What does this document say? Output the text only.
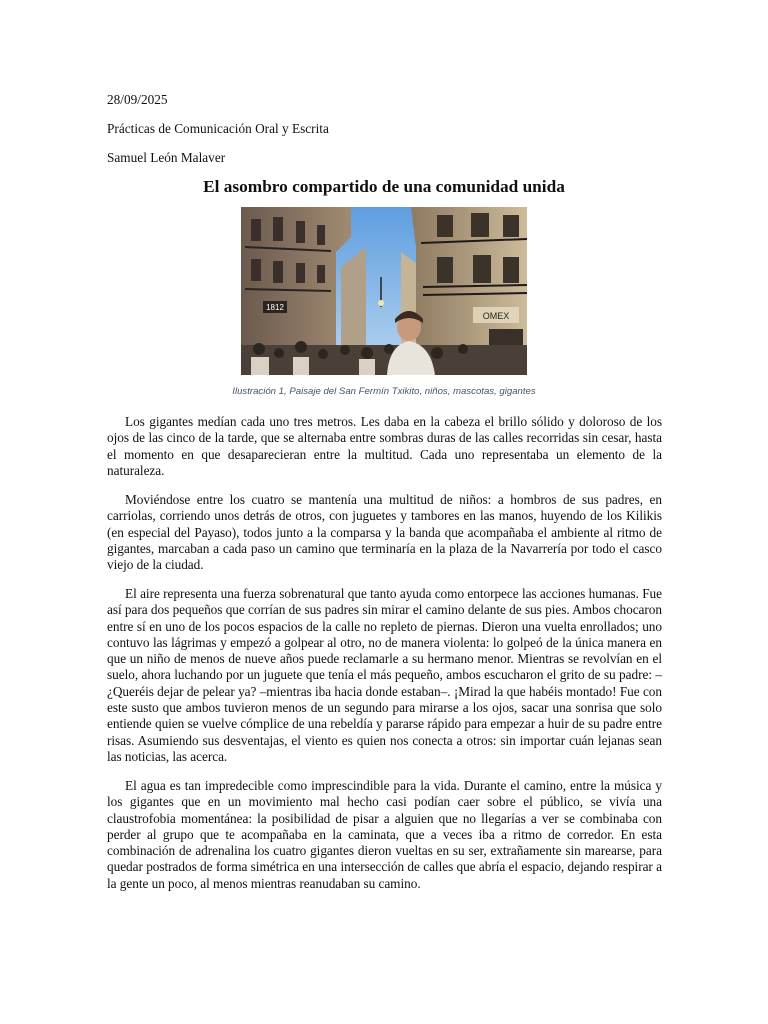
28/09/2025

Prácticas de Comunicación Oral y Escrita

Samuel León Malaver

El asombro compartido de una comunidad unida
1812
OMEX

Ilustración 1, Paisaje del San Fermín Txikito, niños, mascotas, gigantes

Los gigantes medían cada uno tres metros. Les daba en la cabeza el brillo sólido y doloroso de los ojos de las cinco de la tarde, que se alternaba entre sombras duras de las calles recorridas sin cesar, hasta el momento en que desaparecieran entre la multitud. Cada uno representaba un elemento de la naturaleza.

Moviéndose entre los cuatro se mantenía una multitud de niños: a hombros de sus padres, en carriolas, corriendo unos detrás de otros, con juguetes y tambores en las manos, huyendo de los Kilikis (en especial del Payaso), todos junto a la comparsa y la banda que acompañaba el ambiente al ritmo de gigantes, marcaban a cada paso un camino que terminaría en la plaza de la Navarrería por todo el casco viejo de la ciudad.

El aire representa una fuerza sobrenatural que tanto ayuda como entorpece las acciones humanas. Fue así para dos pequeños que corrían de sus padres sin mirar el camino delante de sus pies. Ambos chocaron entre sí en uno de los pocos espacios de la calle no repleto de piernas. Dieron una vuelta enrollados; uno contuvo las lágrimas y empezó a golpear al otro, no de manera violenta: lo golpeó de la única manera en que un niño de menos de nueve años puede reclamarle a su hermano menor. Mientras se revolvían en el suelo, ahora luchando por un juguete que tenía el más pequeño, ambos escucharon el grito de su padre: –¿Queréis dejar de pelear ya? –mientras iba hacia donde estaban–. ¡Mirad la que habéis montado! Fue con este susto que ambos tuvieron menos de un segundo para mirarse a los ojos, sacar una sonrisa que solo entiende quien se vuelve cómplice de una rebeldía y pararse rápido para empezar a huir de su padre entre risas. Asumiendo sus desventajas, el viento es quien nos conecta a otros: sin importar cuán lejanas sean las noticias, las acerca.

El agua es tan impredecible como imprescindible para la vida. Durante el camino, entre la música y los gigantes que en un movimiento mal hecho casi podían caer sobre el público, se vivía una claustrofobia momentánea: la posibilidad de pisar a alguien que no llegarías a ver se combinaba con perder al grupo que te acompañaba en la caminata, que a veces iba a ritmo de corredor. En esta combinación de adrenalina los cuatro gigantes dieron vueltas en su ser, extrañamente sin marearse, para quedar postrados de forma simétrica en una intersección de calles que abría el espacio, dejando respirar a la gente un poco, al menos mientras reanudaban su camino.
